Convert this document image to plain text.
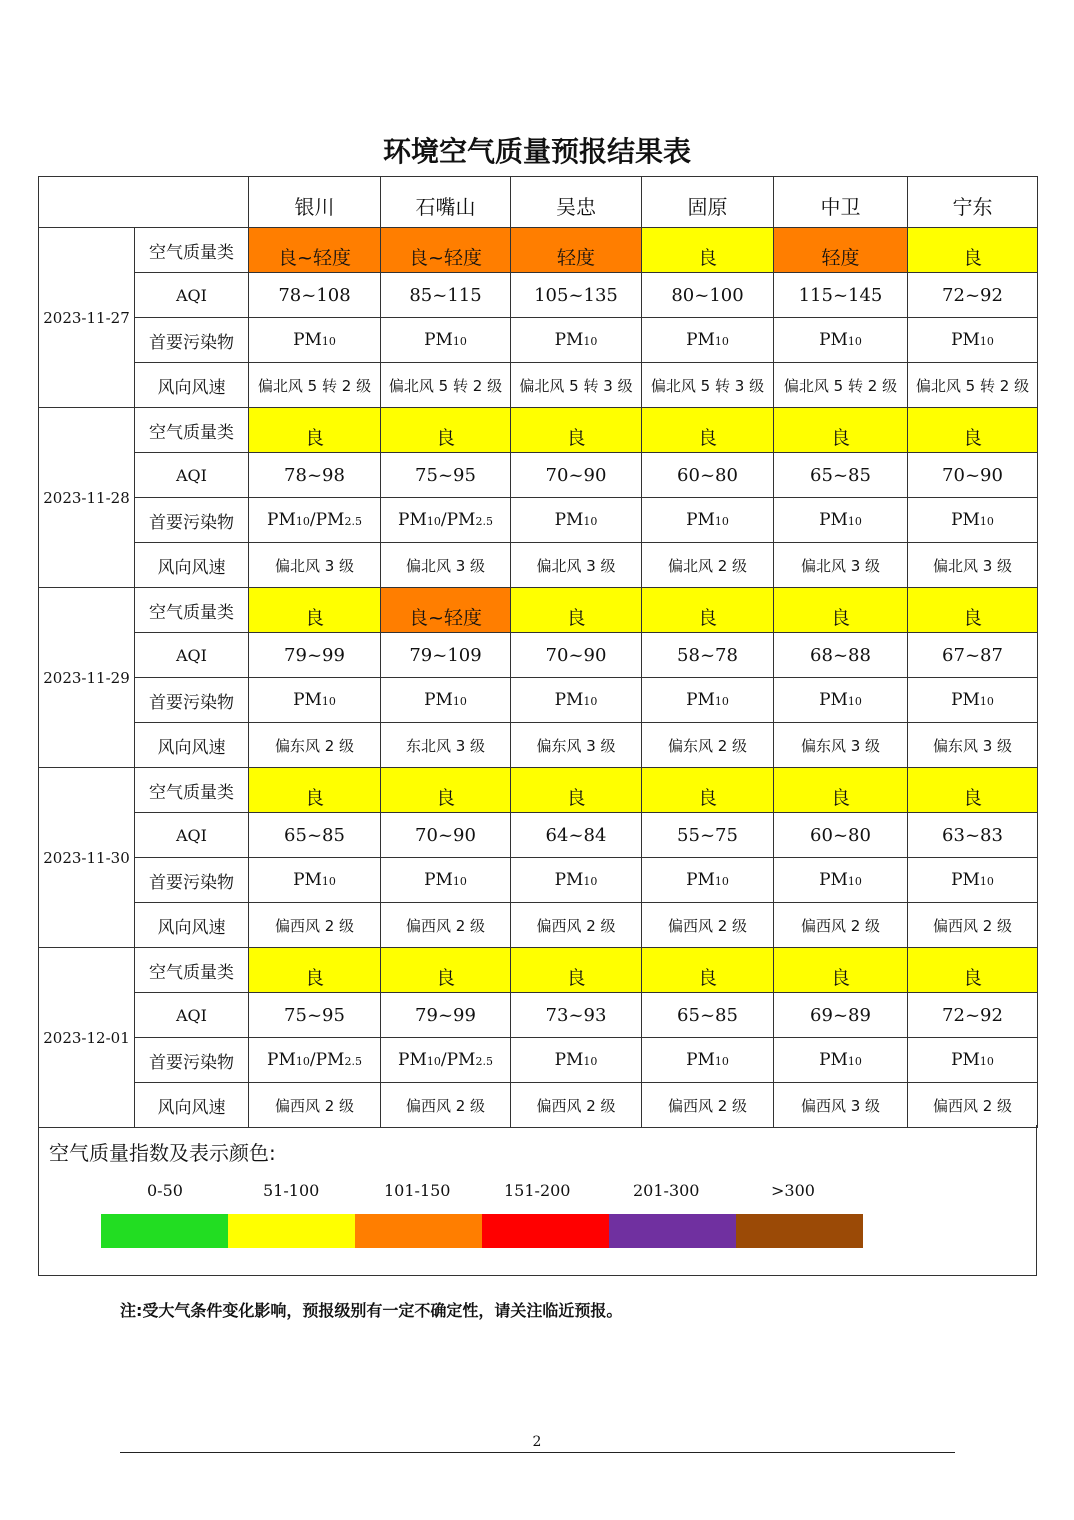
环境空气质量预报结果表
		银川	石嘴山	吴忠	固原	中卫	宁东
2023-11-27	空气质量类	良~轻度	良~轻度	轻度	良	轻度	良
	AQI	78~108	85~115	105~135	80~100	115~145	72~92
	首要污染物	PM10	PM10	PM10	PM10	PM10	PM10
	风向风速	偏北风 5 转 2 级	偏北风 5 转 2 级	偏北风 5 转 3 级	偏北风 5 转 3 级	偏北风 5 转 2 级	偏北风 5 转 2 级
2023-11-28	空气质量类	良	良	良	良	良	良
	AQI	78~98	75~95	70~90	60~80	65~85	70~90
	首要污染物	PM10/PM2.5	PM10/PM2.5	PM10	PM10	PM10	PM10
	风向风速	偏北风 3 级	偏北风 3 级	偏北风 3 级	偏北风 2 级	偏北风 3 级	偏北风 3 级
2023-11-29	空气质量类	良	良~轻度	良	良	良	良
	AQI	79~99	79~109	70~90	58~78	68~88	67~87
	首要污染物	PM10	PM10	PM10	PM10	PM10	PM10
	风向风速	偏东风 2 级	东北风 3 级	偏东风 3 级	偏东风 2 级	偏东风 3 级	偏东风 3 级
2023-11-30	空气质量类	良	良	良	良	良	良
	AQI	65~85	70~90	64~84	55~75	60~80	63~83
	首要污染物	PM10	PM10	PM10	PM10	PM10	PM10
	风向风速	偏西风 2 级	偏西风 2 级	偏西风 2 级	偏西风 2 级	偏西风 2 级	偏西风 2 级
2023-12-01	空气质量类	良	良	良	良	良	良
	AQI	75~95	79~99	73~93	65~85	69~89	72~92
	首要污染物	PM10/PM2.5	PM10/PM2.5	PM10	PM10	PM10	PM10
	风向风速	偏西风 2 级	偏西风 2 级	偏西风 2 级	偏西风 2 级	偏西风 3 级	偏西风 2 级
空气质量指数及表示颜色:
0-50	51-100	101-150	151-200	201-300	>300
注:受大气条件变化影响，预报级别有一定不确定性，请关注临近预报。
2
